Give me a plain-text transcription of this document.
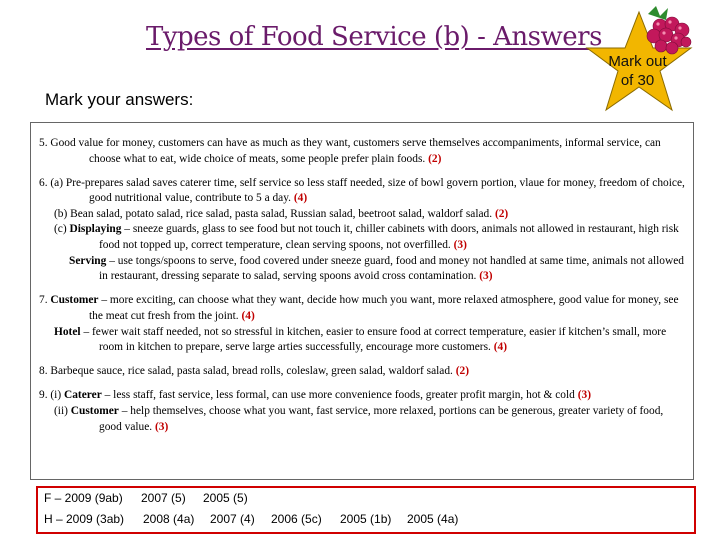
Types of Food Service (b) - Answers
Mark out
of 30
Mark your answers:
5. Good value for money, customers can have as much as they want, customers serve themselves accompaniments, informal service, can choose what to eat, wide choice of meats, some people prefer plain foods. (2)
6. (a) Pre-prepares salad saves caterer time, self service so less staff needed, size of bowl govern portion, vlaue for money, freedom of choice, good nutritional value, contribute to 5 a day. (4)
(b) Bean salad, potato salad, rice salad, pasta salad, Russian salad, beetroot salad, waldorf salad. (2)
(c) Displaying – sneeze guards, glass to see food but not touch it, chiller cabinets with doors, animals not allowed in restaurant, high risk food not topped up, correct temperature, clean serving spoons, not overfilled. (3)
Serving – use tongs/spoons to serve, food covered under sneeze guard, food and money not handled at same time, animals not allowed in restaurant, dressing separate to salad, serving spoons avoid cross contamination. (3)
7. Customer – more exciting, can choose what they want, decide how much you want, more relaxed atmosphere, good value for money, see the meat cut fresh from the joint. (4)
Hotel – fewer wait staff needed, not so stressful in kitchen, easier to ensure food at correct temperature, easier if kitchen’s small, more room in kitchen to prepare, serve large arties successfully, encourage more customers. (4)
8. Barbeque sauce, rice salad, pasta salad, bread rolls, coleslaw, green salad, waldorf salad. (2)
9. (i) Caterer – less staff, fast service, less formal, can use more convenience foods, greater profit margin, hot & cold (3)
(ii) Customer – help themselves, choose what you want, fast service, more relaxed, portions can be generous, greater variety of food, good value. (3)
F – 2009 (9ab) 2007 (5) 2005 (5)
H – 2009 (3ab) 2008 (4a) 2007 (4) 2006 (5c) 2005 (1b) 2005 (4a)
